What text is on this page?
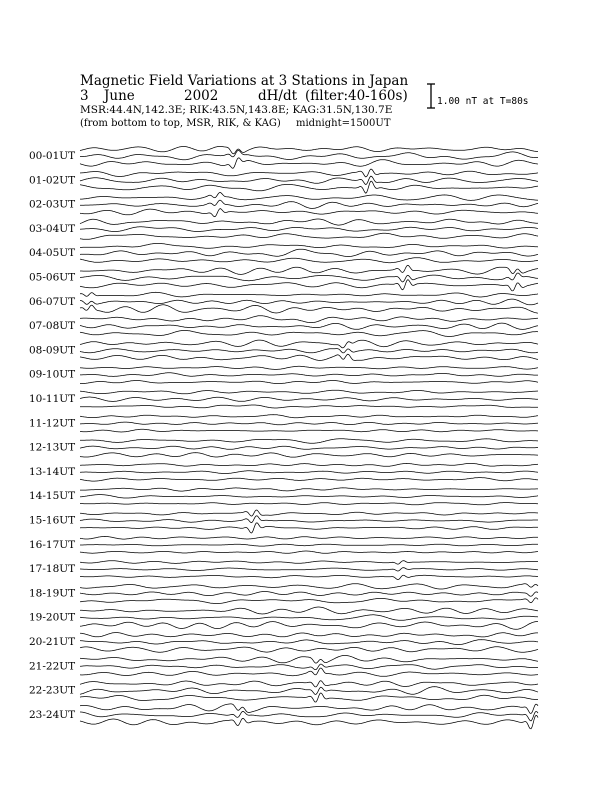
Magnetic Field Variations at 3 Stations in Japan
3 June	2002	dH/dt (filter:40-160s)
MSR:44.4N,142.3E; RIK:43.5N,143.8E; KAG:31.5N,130.7E
(from bottom to top, MSR, RIK, & KAG) midnight=1500UT
1.00 nT at T=80s
00-01UT
01-02UT
02-03UT
03-04UT
04-05UT
05-06UT
06-07UT
07-08UT
08-09UT
09-10UT
10-11UT
11-12UT
12-13UT
13-14UT
14-15UT
15-16UT
16-17UT
17-18UT
18-19UT
19-20UT
20-21UT
21-22UT
22-23UT
23-24UT
